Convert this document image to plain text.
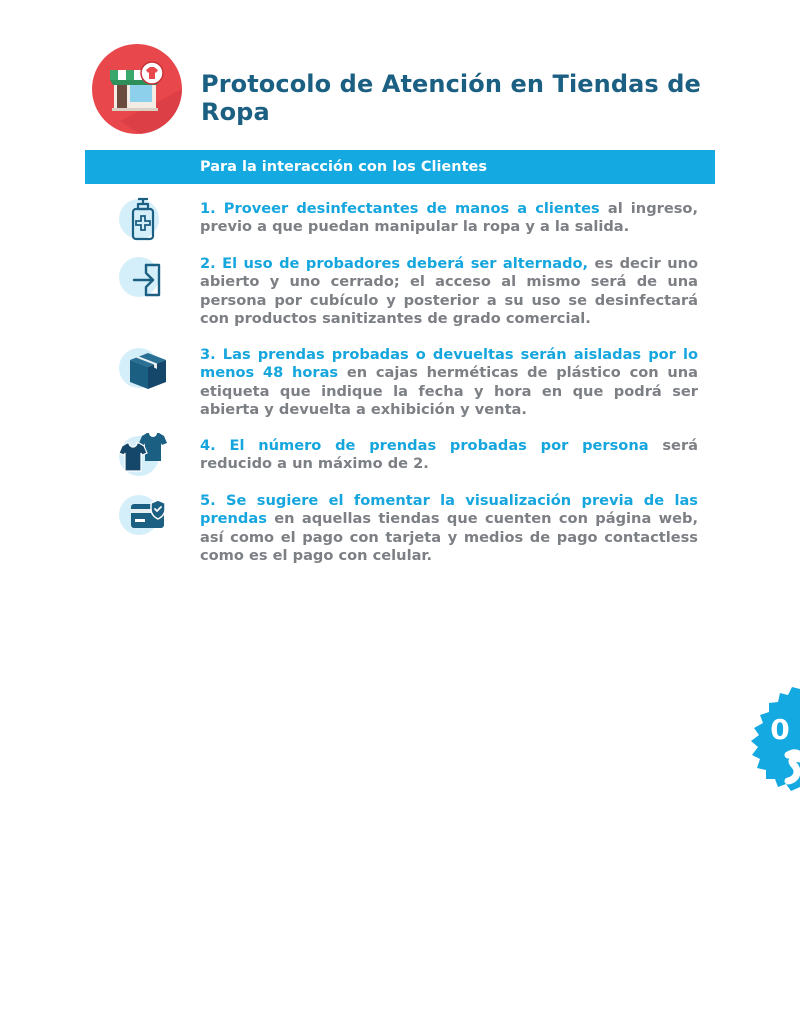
Protocolo de Atención en Tiendas de Ropa
Para la interacción con los Clientes

1. Proveer desinfectantes de manos a clientes al ingreso, previo a que puedan manipular la ropa y a la salida.

2. El uso de probadores deberá ser alternado, es decir uno abierto y uno cerrado; el acceso al mismo será de una persona por cubículo y posterior a su uso se desinfectará con productos sanitizantes de grado comercial.

3. Las prendas probadas o devueltas serán aisladas por lo menos 48 horas en cajas herméticas de plástico con una etiqueta que indique la fecha y hora en que podrá ser abierta y devuelta a exhibición y venta.

4. El número de prendas probadas por persona será reducido a un máximo de 2.

5. Se sugiere el fomentar la visualización previa de las prendas en aquellas tiendas que cuenten con página web, así como el pago con tarjeta y medios de pago contactless como es el pago con celular.

0
